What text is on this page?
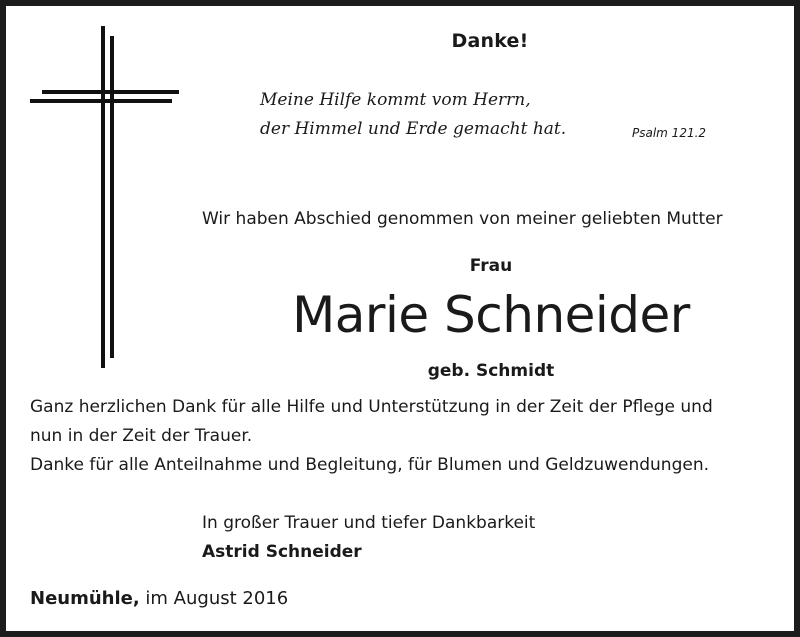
Danke!
Meine Hilfe kommt vom Herrn,
der Himmel und Erde gemacht hat.	Psalm 121.2
Wir haben Abschied genommen von meiner geliebten Mutter
Frau
Marie Schneider
geb. Schmidt
Ganz herzlichen Dank für alle Hilfe und Unterstützung in der Zeit der Pflege und
nun in der Zeit der Trauer.
Danke für alle Anteilnahme und Begleitung, für Blumen und Geldzuwendungen.
In großer Trauer und tiefer Dankbarkeit
Astrid Schneider
Neumühle, im August 2016
